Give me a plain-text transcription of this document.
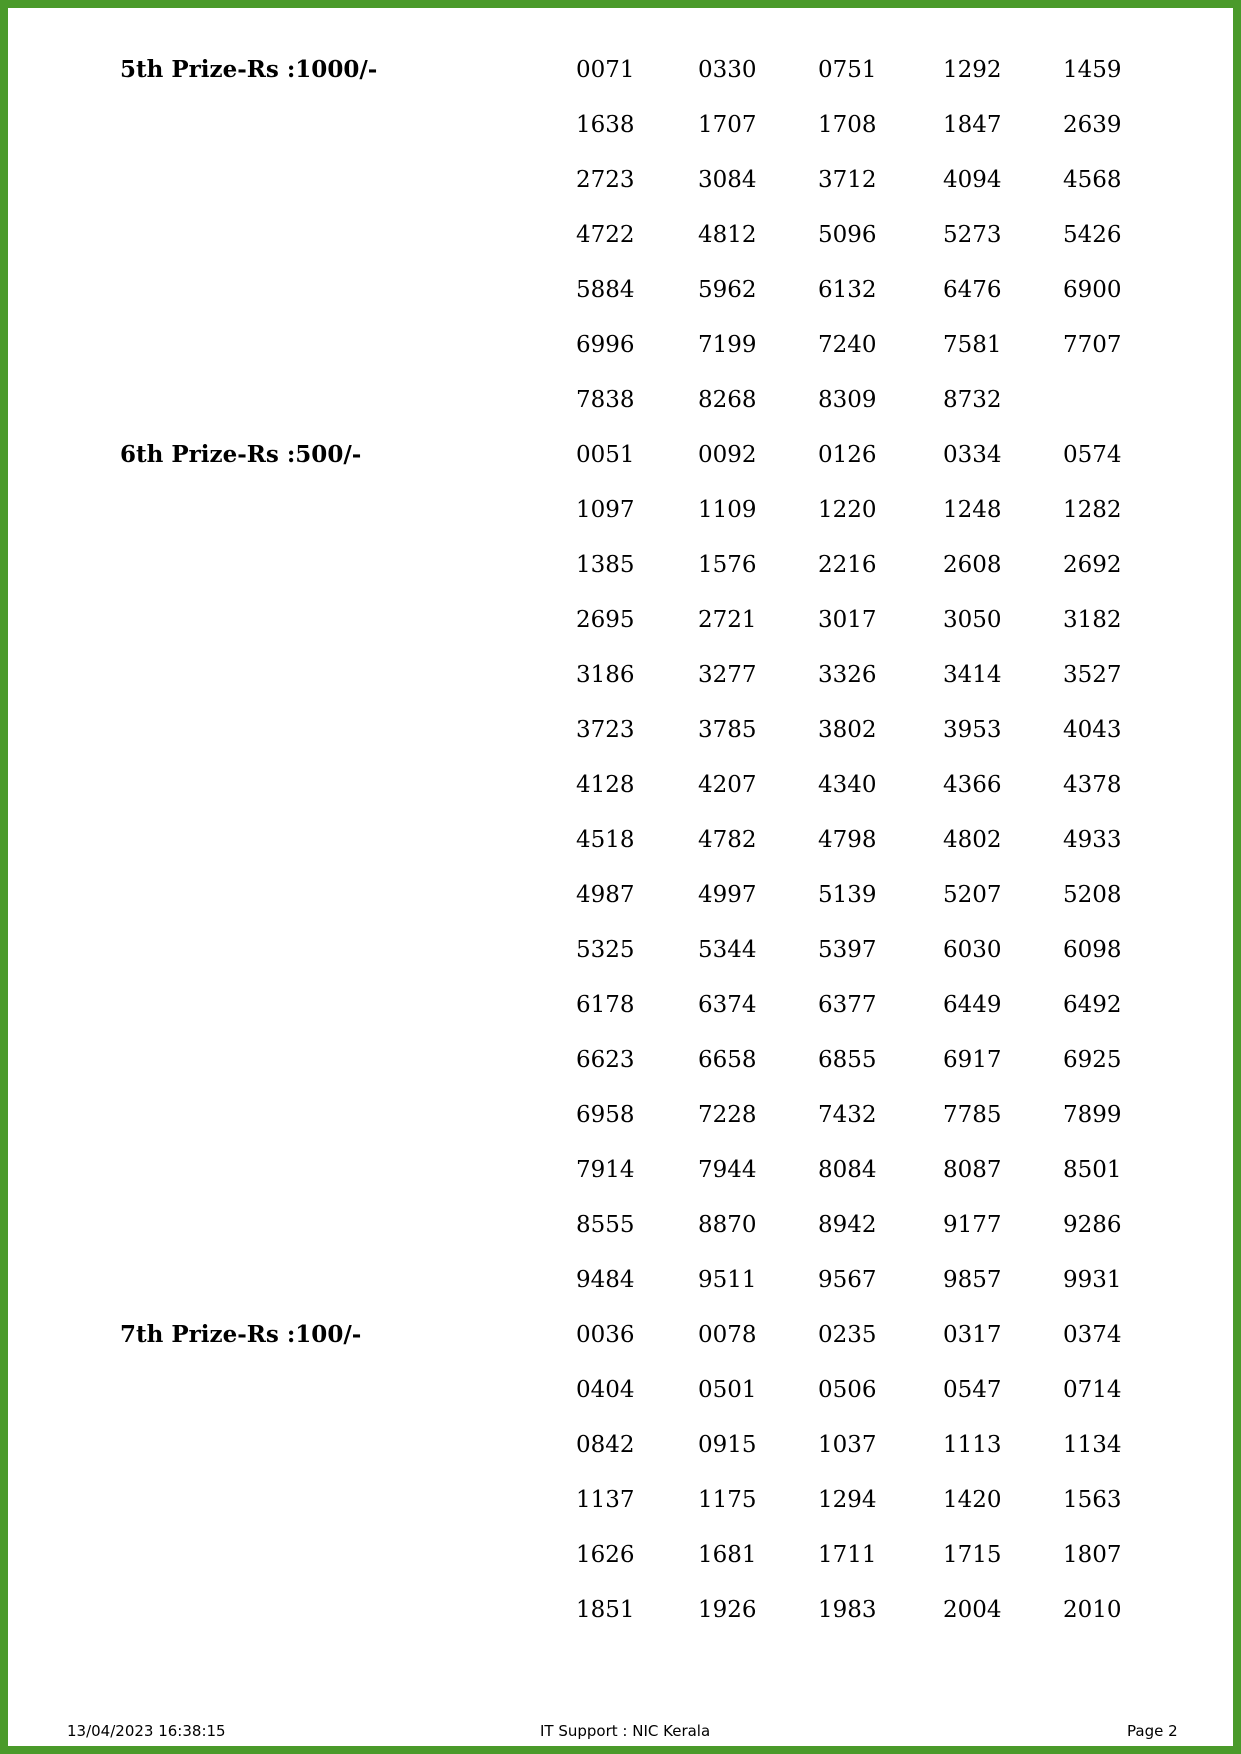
5th Prize-Rs :1000/-	0071	0330	0751	1292	1459
1638	1707	1708	1847	2639
2723	3084	3712	4094	4568
4722	4812	5096	5273	5426
5884	5962	6132	6476	6900
6996	7199	7240	7581	7707
7838	8268	8309	8732
6th Prize-Rs :500/-	0051	0092	0126	0334	0574
1097	1109	1220	1248	1282
1385	1576	2216	2608	2692
2695	2721	3017	3050	3182
3186	3277	3326	3414	3527
3723	3785	3802	3953	4043
4128	4207	4340	4366	4378
4518	4782	4798	4802	4933
4987	4997	5139	5207	5208
5325	5344	5397	6030	6098
6178	6374	6377	6449	6492
6623	6658	6855	6917	6925
6958	7228	7432	7785	7899
7914	7944	8084	8087	8501
8555	8870	8942	9177	9286
9484	9511	9567	9857	9931
7th Prize-Rs :100/-	0036	0078	0235	0317	0374
0404	0501	0506	0547	0714
0842	0915	1037	1113	1134
1137	1175	1294	1420	1563
1626	1681	1711	1715	1807
1851	1926	1983	2004	2010
13/04/2023 16:38:15	IT Support : NIC Kerala	Page 2
